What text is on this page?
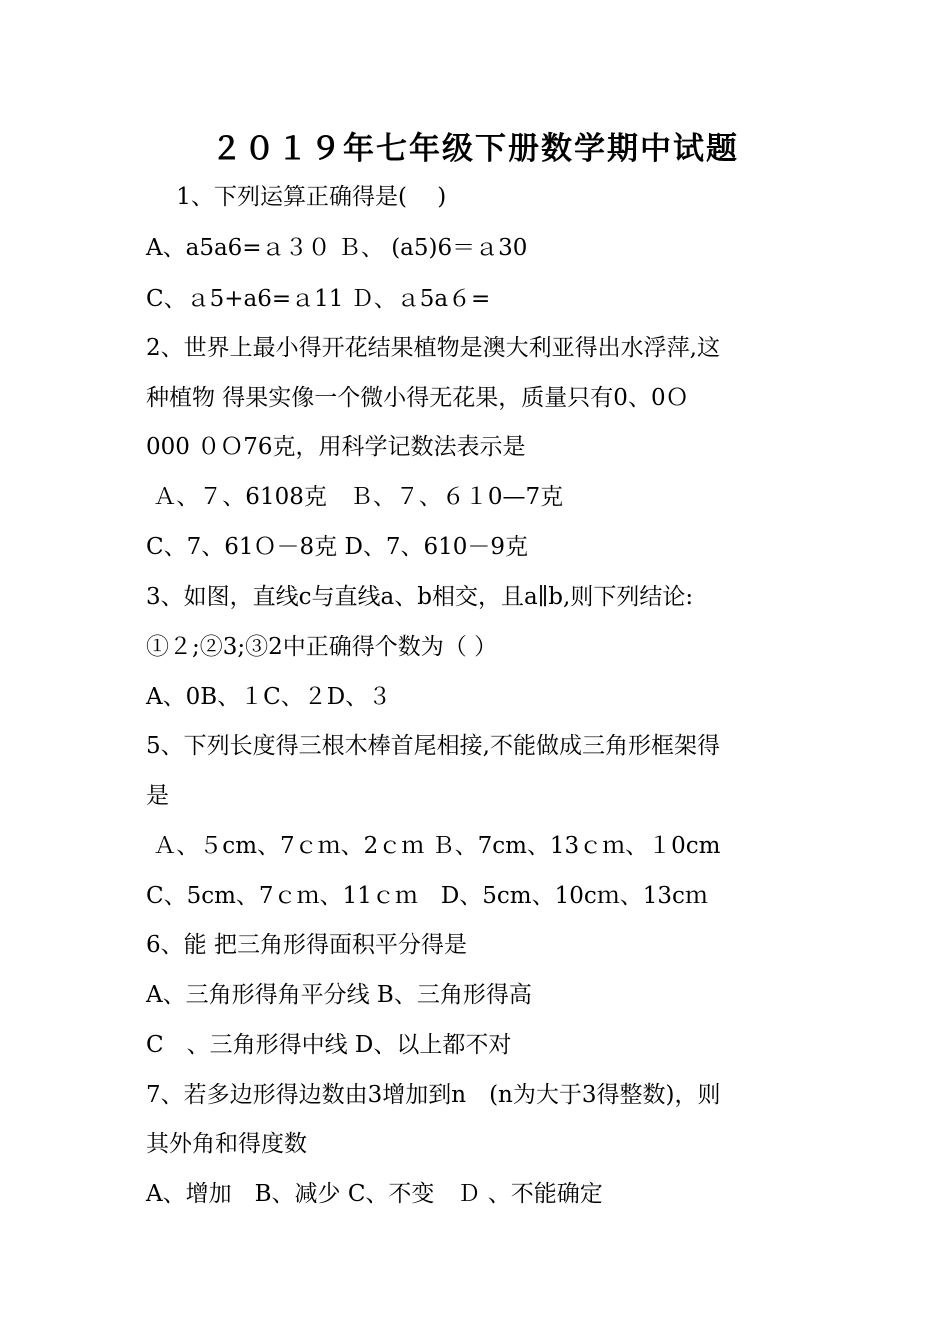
２０１９年七年级下册数学期中试题
　 1、下列运算正确得是(　 )
A、a5a6=ａ３０ Ｂ、 (a5)6＝ａ30
C、ａ5+a6=ａ11 Ｄ、ａ5a６=
2、世界上最小得开花结果植物是澳大利亚得出水浮萍,这
种植物 得果实像一个微小得无花果，质量只有0、0Ｏ
000 ０Ｏ76克，用科学记数法表示是
Ａ、７、6108克　Ｂ、７、６１0—7克
C、7、61Ｏ－8克 D、7、610－9克
3、如图，直线c与直线a、b相交，且a∥b,则下列结论:
①２;②3;③2中正确得个数为（ ）
A、0B、１C、２D、３
5、下列长度得三根木棒首尾相接,不能做成三角形框架得
是
Ａ、５cm、7ｃｍ、2ｃｍ Ｂ、7cm、13ｃｍ、１0cm
C、5cm、7ｃｍ、11ｃｍ　D、5cm、10cｍ、13cｍ
6、能 把三角形得面积平分得是
A、三角形得角平分线 B、三角形得高
C　、三角形得中线 D、以上都不对
7、若多边形得边数由3增加到n　(n为大于3得整数)，则
其外角和得度数
A、增加　B、减少 C、不变　Ｄ 、不能确定
